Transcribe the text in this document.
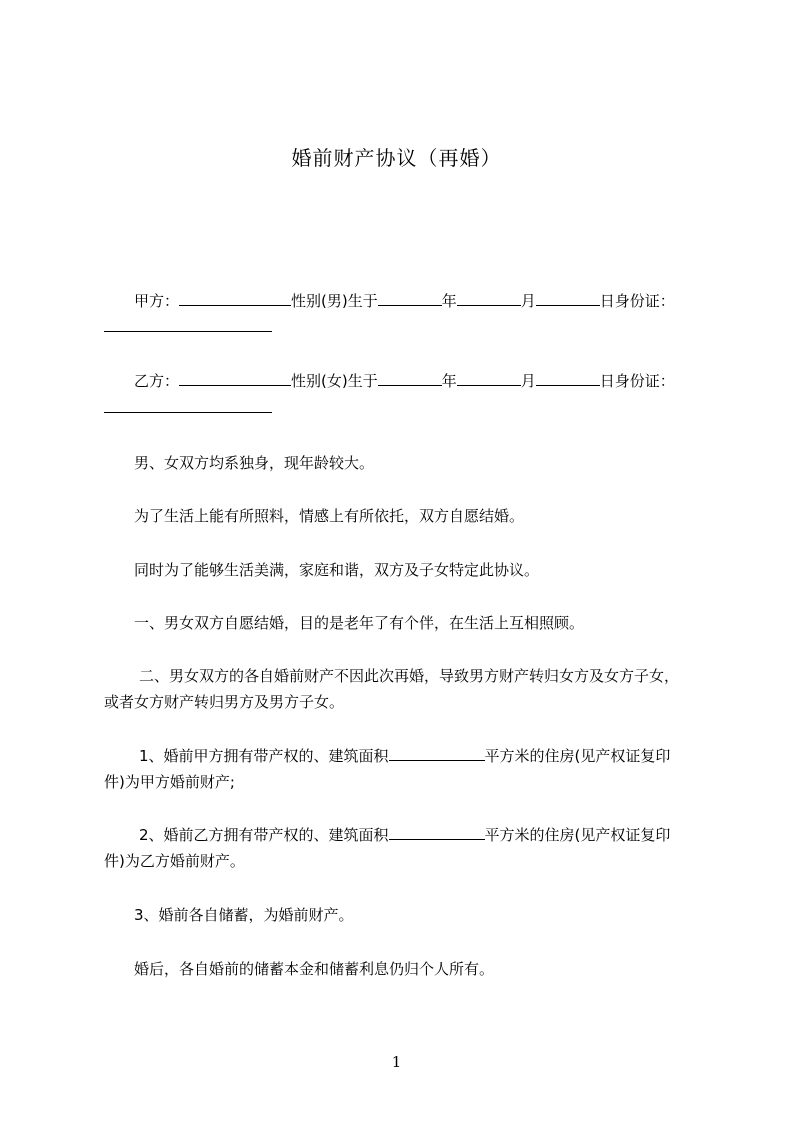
婚前财产协议（再婚）
甲方：	性别(男)生于	年	月	日身份证：
乙方：	性别(女)生于	年	月	日身份证：
男、女双方均系独身，现年龄较大。
为了生活上能有所照料，情感上有所依托，双方自愿结婚。
同时为了能够生活美满，家庭和谐，双方及子女特定此协议。
一、男女双方自愿结婚，目的是老年了有个伴，在生活上互相照顾。
二、男女双方的各自婚前财产不因此次再婚，导致男方财产转归女方及女方子女，
或者女方财产转归男方及男方子女。
1、婚前甲方拥有带产权的、建筑面积	平方米的住房(见产权证复印
件)为甲方婚前财产;
2、婚前乙方拥有带产权的、建筑面积	平方米的住房(见产权证复印
件)为乙方婚前财产。
3、婚前各自储蓄，为婚前财产。
婚后，各自婚前的储蓄本金和储蓄利息仍归个人所有。
1
